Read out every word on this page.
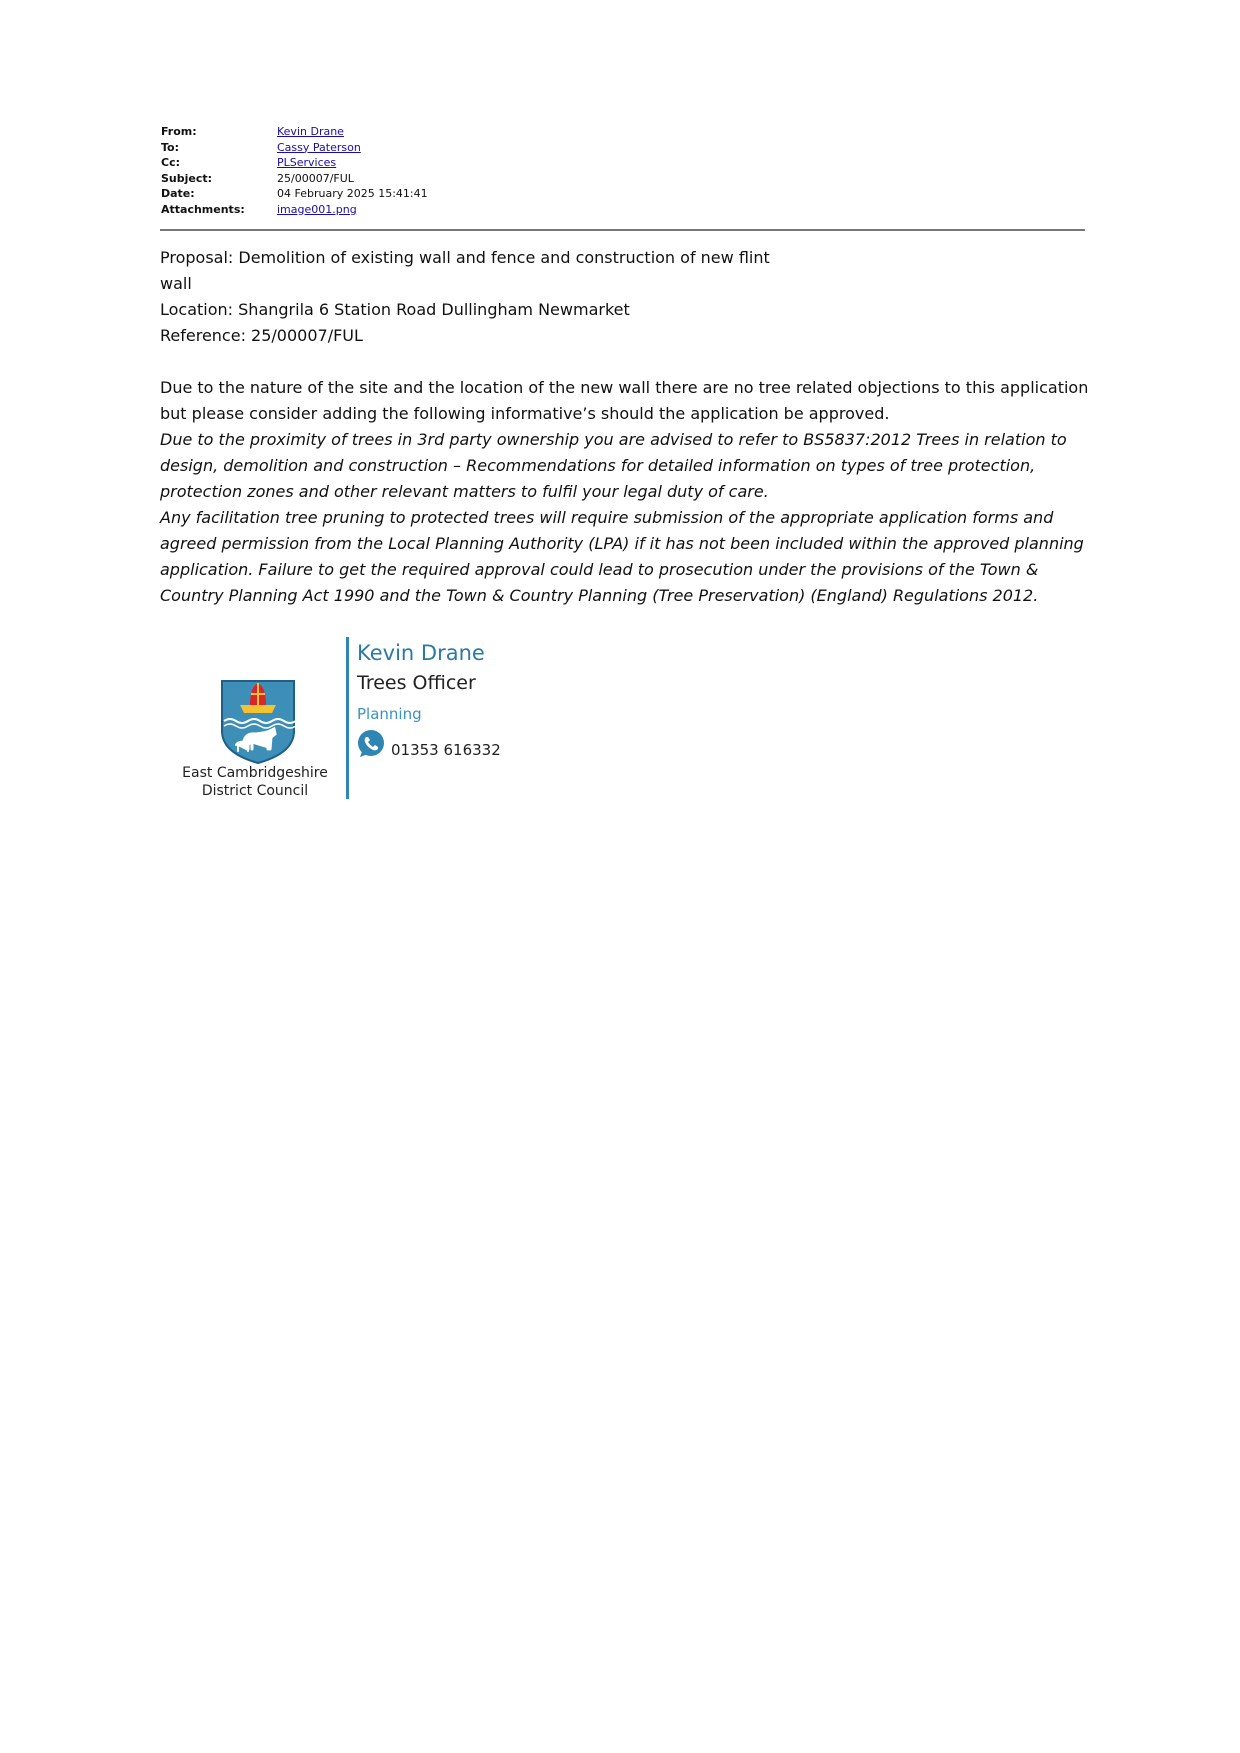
From:	Kevin Drane
To:	Cassy Paterson
Cc:	PLServices
Subject:	25/00007/FUL
Date:	04 February 2025 15:41:41
Attachments:	image001.png

Proposal: Demolition of existing wall and fence and construction of new flint

wall

Location: Shangrila 6 Station Road Dullingham Newmarket

Reference: 25/00007/FUL

Due to the nature of the site and the location of the new wall there are no tree related objections to this application but please consider adding the following informative’s should the application be approved.

Due to the proximity of trees in 3rd party ownership you are advised to refer to BS5837:2012 Trees in relation to design, demolition and construction – Recommendations for detailed information on types of tree protection, protection zones and other relevant matters to fulfil your legal duty of care.

Any facilitation tree pruning to protected trees will require submission of the appropriate application forms and agreed permission from the Local Planning Authority (LPA) if it has not been included within the approved planning application. Failure to get the required approval could lead to prosecution under the provisions of the Town & Country Planning Act 1990 and the Town & Country Planning (Tree Preservation) (England) Regulations 2012.

East Cambridgeshire
District Council
Kevin Drane
Trees Officer
Planning
01353 616332
